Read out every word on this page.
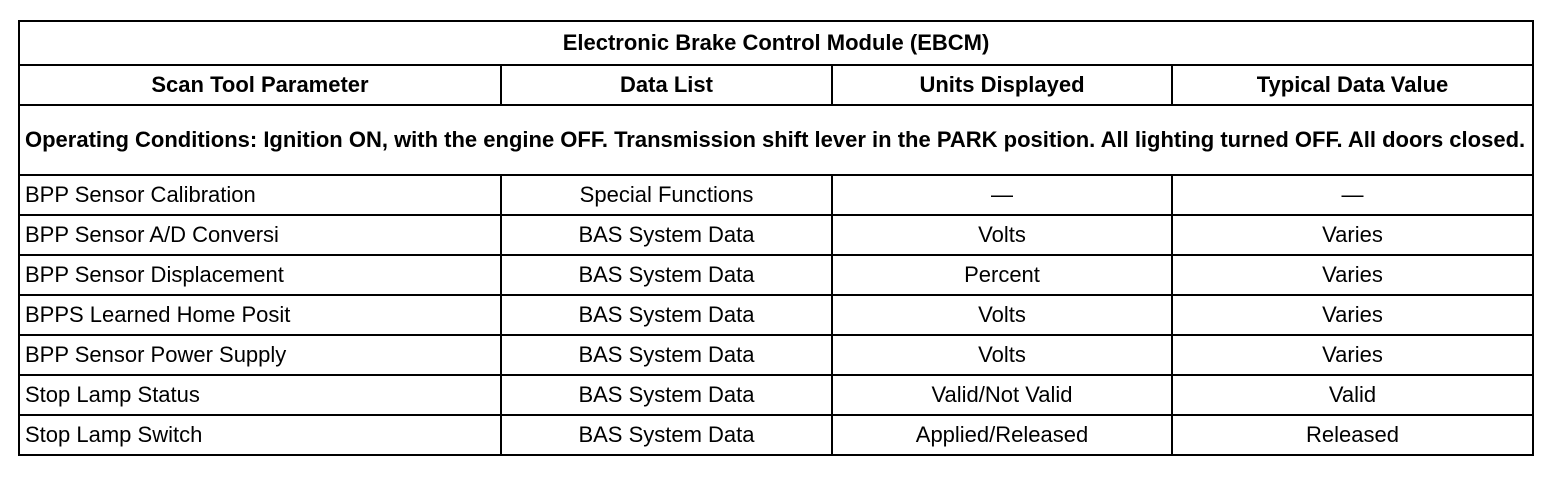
Electronic Brake Control Module (EBCM)			
Scan Tool Parameter	Data List	Units Displayed	Typical Data Value
Operating Conditions: Ignition ON, with the engine OFF. Transmission shift lever in the PARK position. All lighting turned OFF. All doors closed.			
BPP Sensor Calibration	Special Functions	—	—
BPP Sensor A/D Conversi	BAS System Data	Volts	Varies
BPP Sensor Displacement	BAS System Data	Percent	Varies
BPPS Learned Home Posit	BAS System Data	Volts	Varies
BPP Sensor Power Supply	BAS System Data	Volts	Varies
Stop Lamp Status	BAS System Data	Valid/Not Valid	Valid
Stop Lamp Switch	BAS System Data	Applied/Released	Released
